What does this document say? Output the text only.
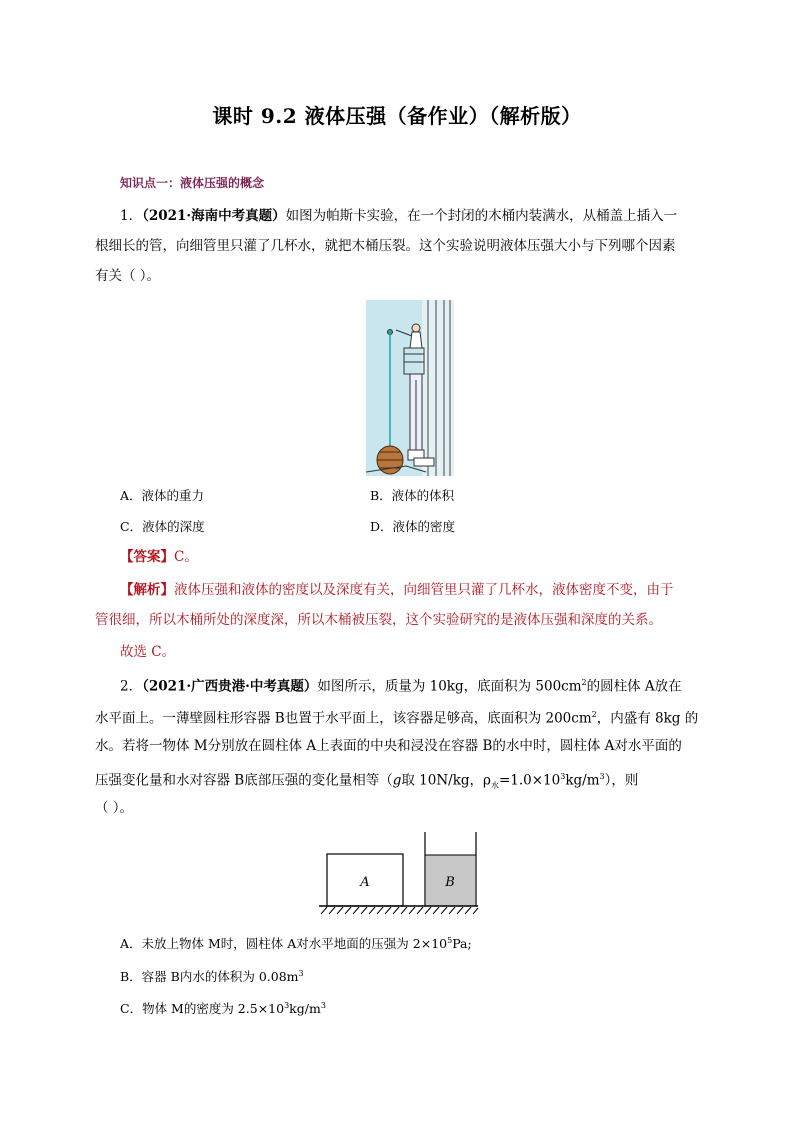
课时 9.2 液体压强（备作业）（解析版）
知识点一：液体压强的概念
1．（2021·海南中考真题）如图为帕斯卡实验，在一个封闭的木桶内装满水，从桶盖上插入一
根细长的管，向细管里只灌了几杯水，就把木桶压裂。这个实验说明液体压强大小与下列哪个因素
有关（ ）。
A．液体的重力	B．液体的体积
C．液体的深度	D．液体的密度
【答案】C。
【解析】液体压强和液体的密度以及深度有关，向细管里只灌了几杯水，液体密度不变，由于
管很细，所以木桶所处的深度深，所以木桶被压裂，这个实验研究的是液体压强和深度的关系。
故选 C。
2．（2021·广西贵港·中考真题）如图所示，质量为 10kg，底面积为 $500cm^2$的圆柱体 A放在
水平面上。一薄壁圆柱形容器 B也置于水平面上，该容器足够高，底面积为 $200cm^2$，内盛有 8kg 的
水。若将一物体 M分别放在圆柱体 A上表面的中央和浸没在容器 B的水中时，圆柱体 A对水平面的
压强变化量和水对容器 B底部压强的变化量相等（g取 10N/kg，$\rho_水=1.0\times 10^3kg/m^3$），则
（ ）。
A	B
A．未放上物体 M时，圆柱体 A对水平地面的压强为 $2\times 10^5Pa$;
B．容器 B内水的体积为 $0.08m^3$
C．物体 M的密度为 $2.5\times 10^3kg/m^3$
